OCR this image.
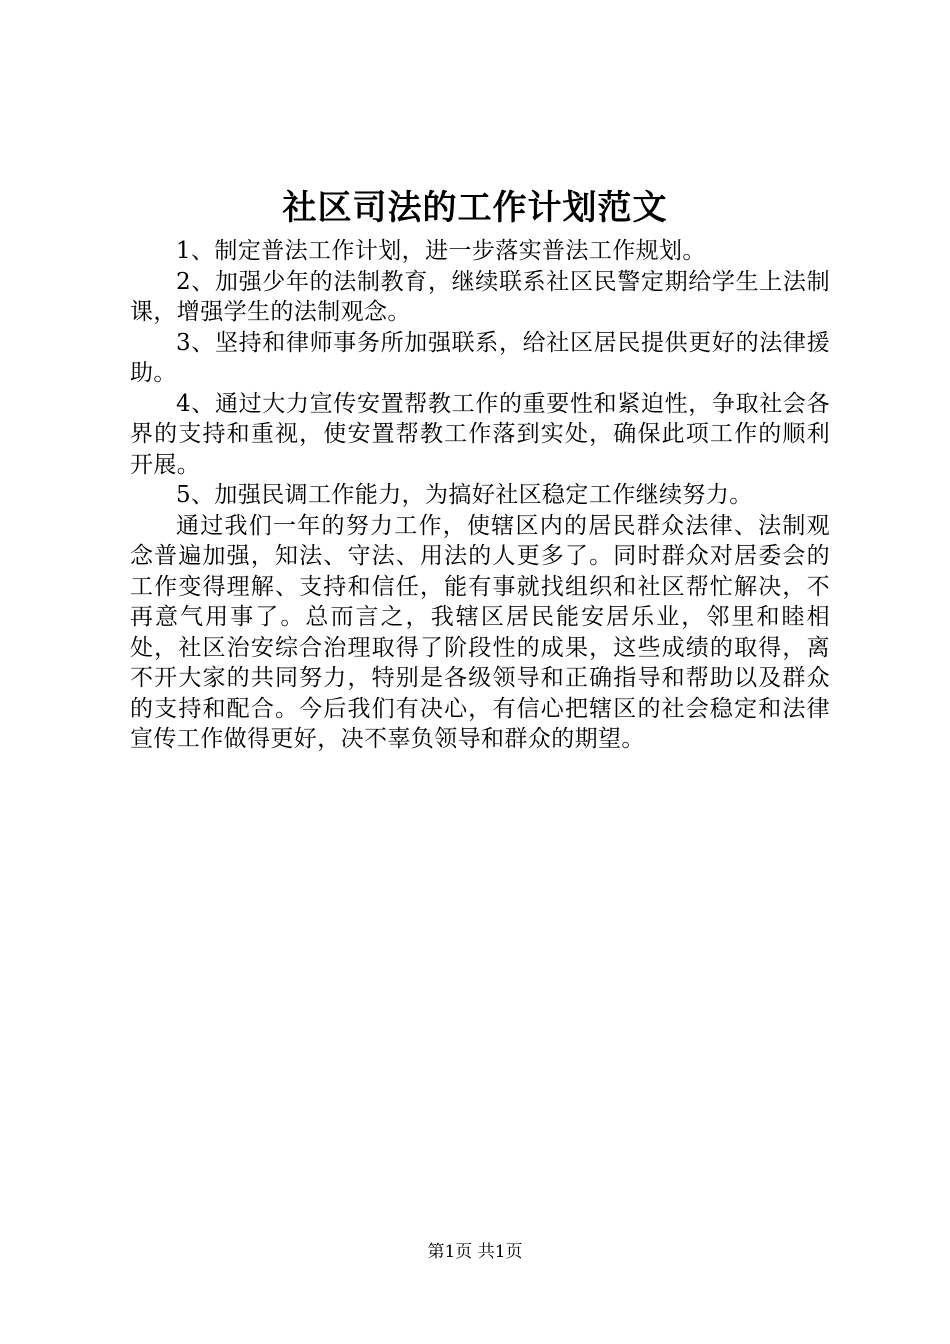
社区司法的工作计划范文

1、制定普法工作计划，进一步落实普法工作规划。

2、加强少年的法制教育，继续联系社区民警定期给学生上法制课，增强学生的法制观念。

3、坚持和律师事务所加强联系，给社区居民提供更好的法律援助。

4、通过大力宣传安置帮教工作的重要性和紧迫性，争取社会各界的支持和重视，使安置帮教工作落到实处，确保此项工作的顺利开展。

5、加强民调工作能力，为搞好社区稳定工作继续努力。

通过我们一年的努力工作，使辖区内的居民群众法律、法制观念普遍加强，知法、守法、用法的人更多了。同时群众对居委会的工作变得理解、支持和信任，能有事就找组织和社区帮忙解决，不再意气用事了。总而言之，我辖区居民能安居乐业，邻里和睦相处，社区治安综合治理取得了阶段性的成果，这些成绩的取得，离不开大家的共同努力，特别是各级领导和正确指导和帮助以及群众的支持和配合。今后我们有决心，有信心把辖区的社会稳定和法律宣传工作做得更好，决不辜负领导和群众的期望。

第1页 共1页
